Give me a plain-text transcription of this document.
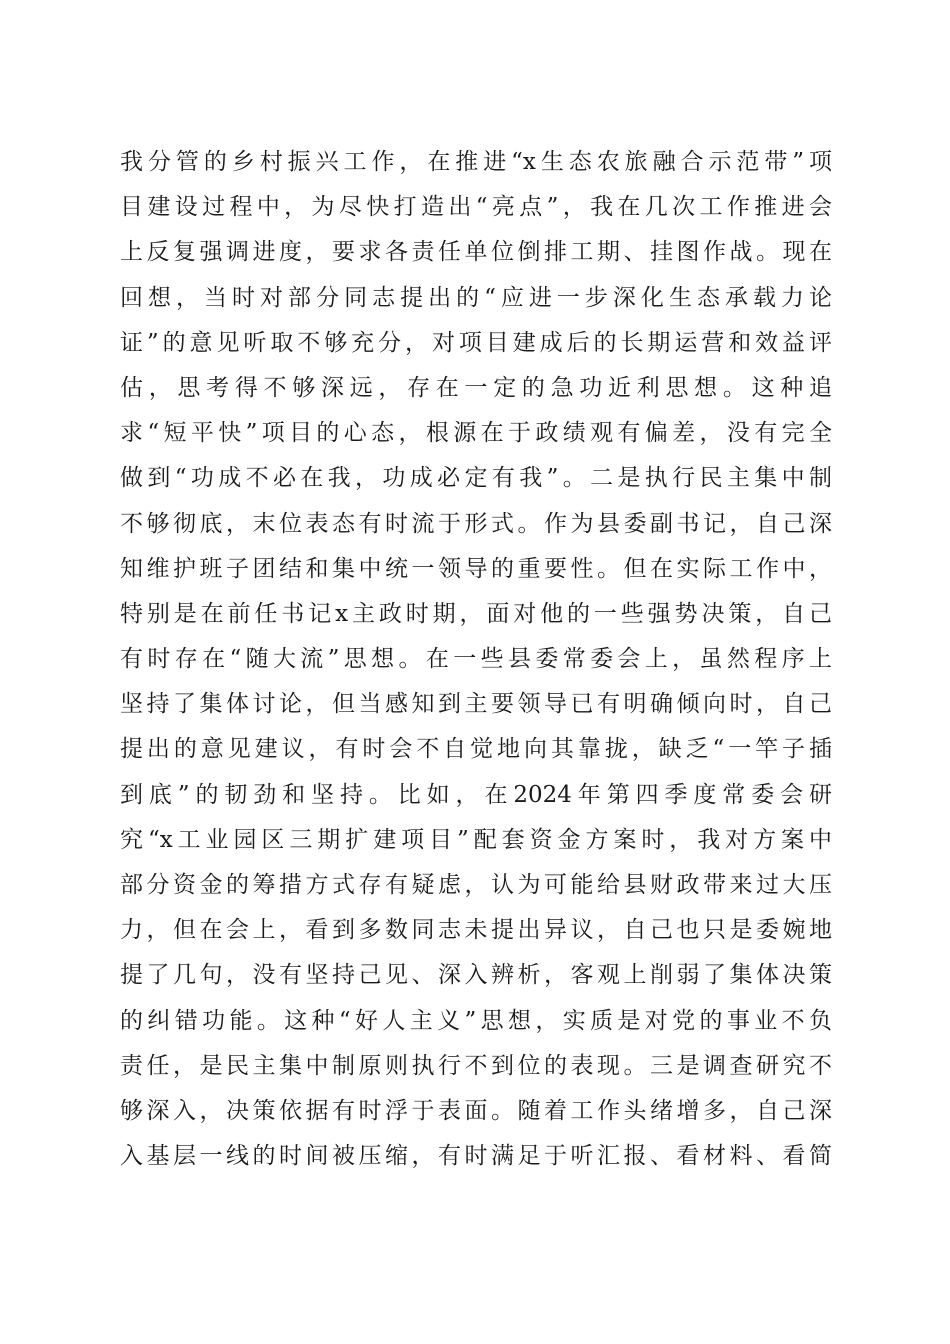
我分管的乡村振兴工作，在推进“x生态农旅融合示范带”项
目建设过程中，为尽快打造出“亮点”，我在几次工作推进会
上反复强调进度，要求各责任单位倒排工期、挂图作战。现在
回想，当时对部分同志提出的“应进一步深化生态承载力论
证”的意见听取不够充分，对项目建成后的长期运营和效益评
估，思考得不够深远，存在一定的急功近利思想。这种追
求“短平快”项目的心态，根源在于政绩观有偏差，没有完全
做到“功成不必在我，功成必定有我”。二是执行民主集中制
不够彻底，末位表态有时流于形式。作为县委副书记，自己深
知维护班子团结和集中统一领导的重要性。但在实际工作中，
特别是在前任书记x主政时期，面对他的一些强势决策，自己
有时存在“随大流”思想。在一些县委常委会上，虽然程序上
坚持了集体讨论，但当感知到主要领导已有明确倾向时，自己
提出的意见建议，有时会不自觉地向其靠拢，缺乏“一竿子插
到底”的韧劲和坚持。比如，在2024年第四季度常委会研
究“x工业园区三期扩建项目”配套资金方案时，我对方案中
部分资金的筹措方式存有疑虑，认为可能给县财政带来过大压
力，但在会上，看到多数同志未提出异议，自己也只是委婉地
提了几句，没有坚持己见、深入辨析，客观上削弱了集体决策
的纠错功能。这种“好人主义”思想，实质是对党的事业不负
责任，是民主集中制原则执行不到位的表现。三是调查研究不
够深入，决策依据有时浮于表面。随着工作头绪增多，自己深
入基层一线的时间被压缩，有时满足于听汇报、看材料、看简
